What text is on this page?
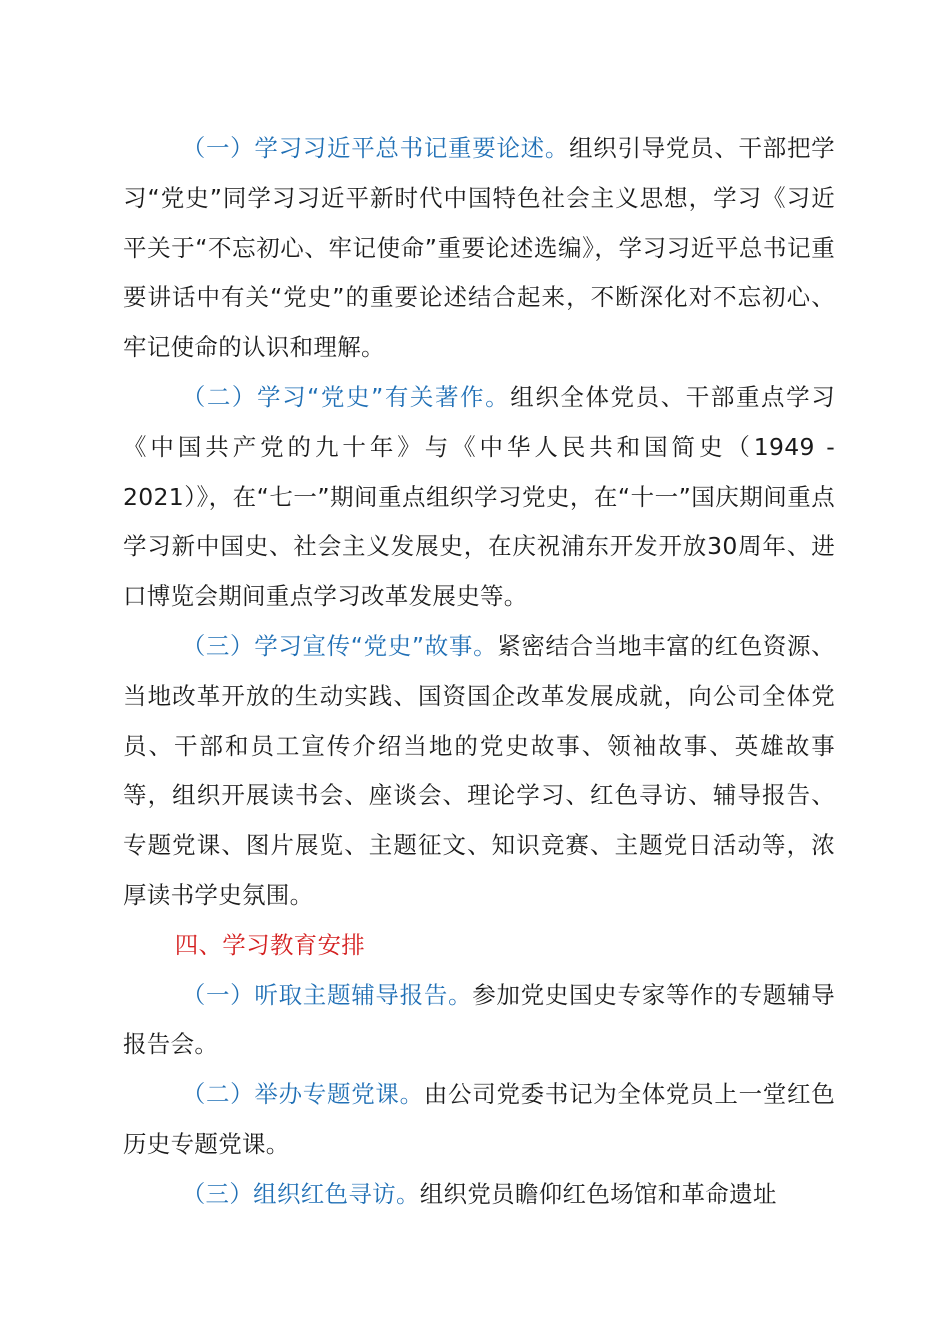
（一）学习习近平总书记重要论述。组织引导党员、干部把学习“党史”同学习习近平新时代中国特色社会主义思想，学习《习近平关于“不忘初心、牢记使命”重要论述选编》，学习习近平总书记重要讲话中有关“党史”的重要论述结合起来，不断深化对不忘初心、牢记使命的认识和理解。

（二）学习“党史”有关著作。组织全体党员、干部重点学习《中国共产党的九十年》与《中华人民共和国简史（1949 - 2021）》，在“七一”期间重点组织学习党史，在“十一”国庆期间重点学习新中国史、社会主义发展史，在庆祝浦东开发开放30周年、进口博览会期间重点学习改革发展史等。

（三）学习宣传“党史”故事。紧密结合当地丰富的红色资源、当地改革开放的生动实践、国资国企改革发展成就，向公司全体党员、干部和员工宣传介绍当地的党史故事、领袖故事、英雄故事等，组织开展读书会、座谈会、理论学习、红色寻访、辅导报告、专题党课、图片展览、主题征文、知识竞赛、主题党日活动等，浓厚读书学史氛围。

四、学习教育安排

（一）听取主题辅导报告。参加党史国史专家等作的专题辅导报告会。

（二）举办专题党课。由公司党委书记为全体党员上一堂红色历史专题党课。

（三）组织红色寻访。组织党员瞻仰红色场馆和革命遗址
